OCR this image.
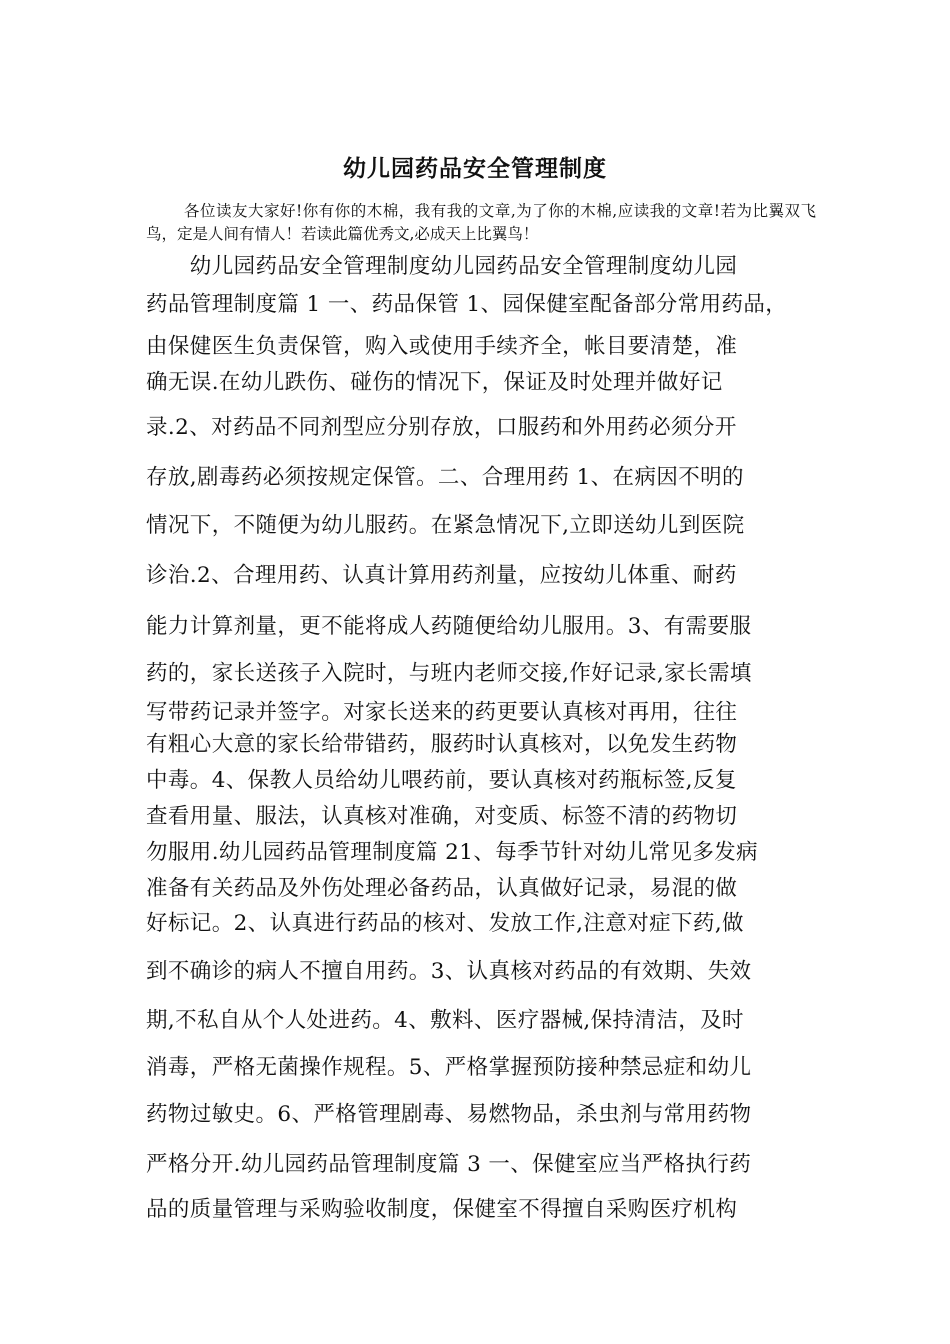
幼儿园药品安全管理制度
各位读友大家好!你有你的木棉，我有我的文章,为了你的木棉,应读我的文章!若为比翼双飞鸟，定是人间有情人！若读此篇优秀文,必成天上比翼鸟！
　　幼儿园药品安全管理制度幼儿园药品安全管理制度幼儿园
药品管理制度篇 1 一、药品保管 1、园保健室配备部分常用药品，
由保健医生负责保管，购入或使用手续齐全，帐目要清楚，准
确无误.在幼儿跌伤、碰伤的情况下，保证及时处理并做好记
录.2、对药品不同剂型应分别存放，口服药和外用药必须分开
存放,剧毒药必须按规定保管。二、合理用药 1、在病因不明的
情况下，不随便为幼儿服药。在紧急情况下,立即送幼儿到医院
诊治.2、合理用药、认真计算用药剂量，应按幼儿体重、耐药
能力计算剂量，更不能将成人药随便给幼儿服用。3、有需要服
药的，家长送孩子入院时，与班内老师交接,作好记录,家长需填
写带药记录并签字。对家长送来的药更要认真核对再用，往往
有粗心大意的家长给带错药，服药时认真核对，以免发生药物
中毒。4、保教人员给幼儿喂药前，要认真核对药瓶标签,反复
查看用量、服法，认真核对准确，对变质、标签不清的药物切
勿服用.幼儿园药品管理制度篇 21、每季节针对幼儿常见多发病
准备有关药品及外伤处理必备药品，认真做好记录，易混的做
好标记。2、认真进行药品的核对、发放工作,注意对症下药,做
到不确诊的病人不擅自用药。3、认真核对药品的有效期、失效
期,不私自从个人处进药。4、敷料、医疗器械,保持清洁，及时
消毒，严格无菌操作规程。5、严格掌握预防接种禁忌症和幼儿
药物过敏史。6、严格管理剧毒、易燃物品，杀虫剂与常用药物
严格分开.幼儿园药品管理制度篇 3 一、保健室应当严格执行药
品的质量管理与采购验收制度，保健室不得擅自采购医疗机构
